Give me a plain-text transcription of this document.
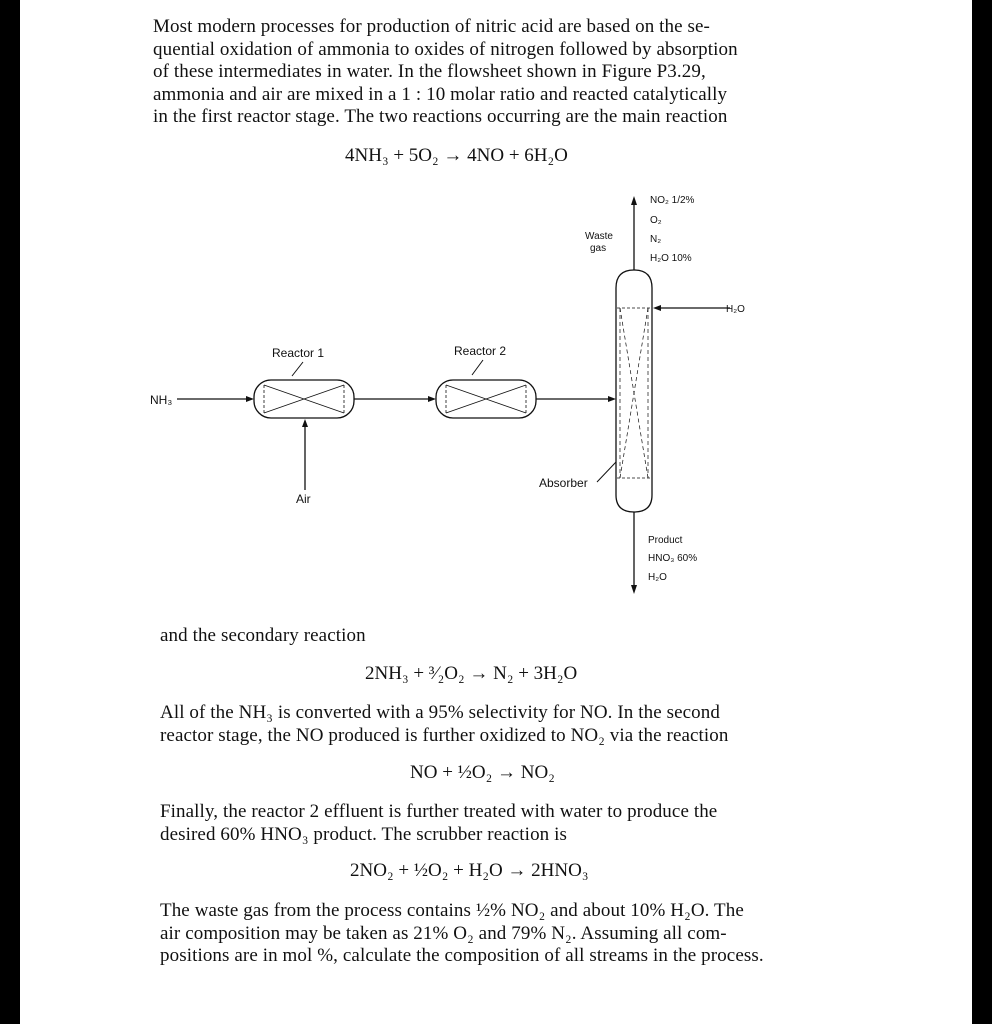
Most modern processes for production of nitric acid are based on the se-
quential oxidation of ammonia to oxides of nitrogen followed by absorption
of these intermediates in water. In the flowsheet shown in Figure P3.29,
ammonia and air are mixed in a 1 : 10 molar ratio and reacted catalytically
in the first reactor stage. The two reactions occurring are the main reaction

4NH₃ + 5O₂ → 4NO + 6H₂O

NH₃
Reactor 1
Air
Reactor 2
Absorber
Waste
gas
NO₂ 1/2%
O₂
N₂
H₂O 10%
H₂O
Product
HNO₃ 60%
H₂O

and the secondary reaction

2NH₃ + ³⁄₂O₂ → N₂ + 3H₂O

All of the NH₃ is converted with a 95% selectivity for NO. In the second
reactor stage, the NO produced is further oxidized to NO₂ via the reaction

NO + ½O₂ → NO₂

Finally, the reactor 2 effluent is further treated with water to produce the
desired 60% HNO₃ product. The scrubber reaction is

2NO₂ + ½O₂ + H₂O → 2HNO₃

The waste gas from the process contains ½% NO₂ and about 10% H₂O. The
air composition may be taken as 21% O₂ and 79% N₂. Assuming all com-
positions are in mol %, calculate the composition of all streams in the process.
